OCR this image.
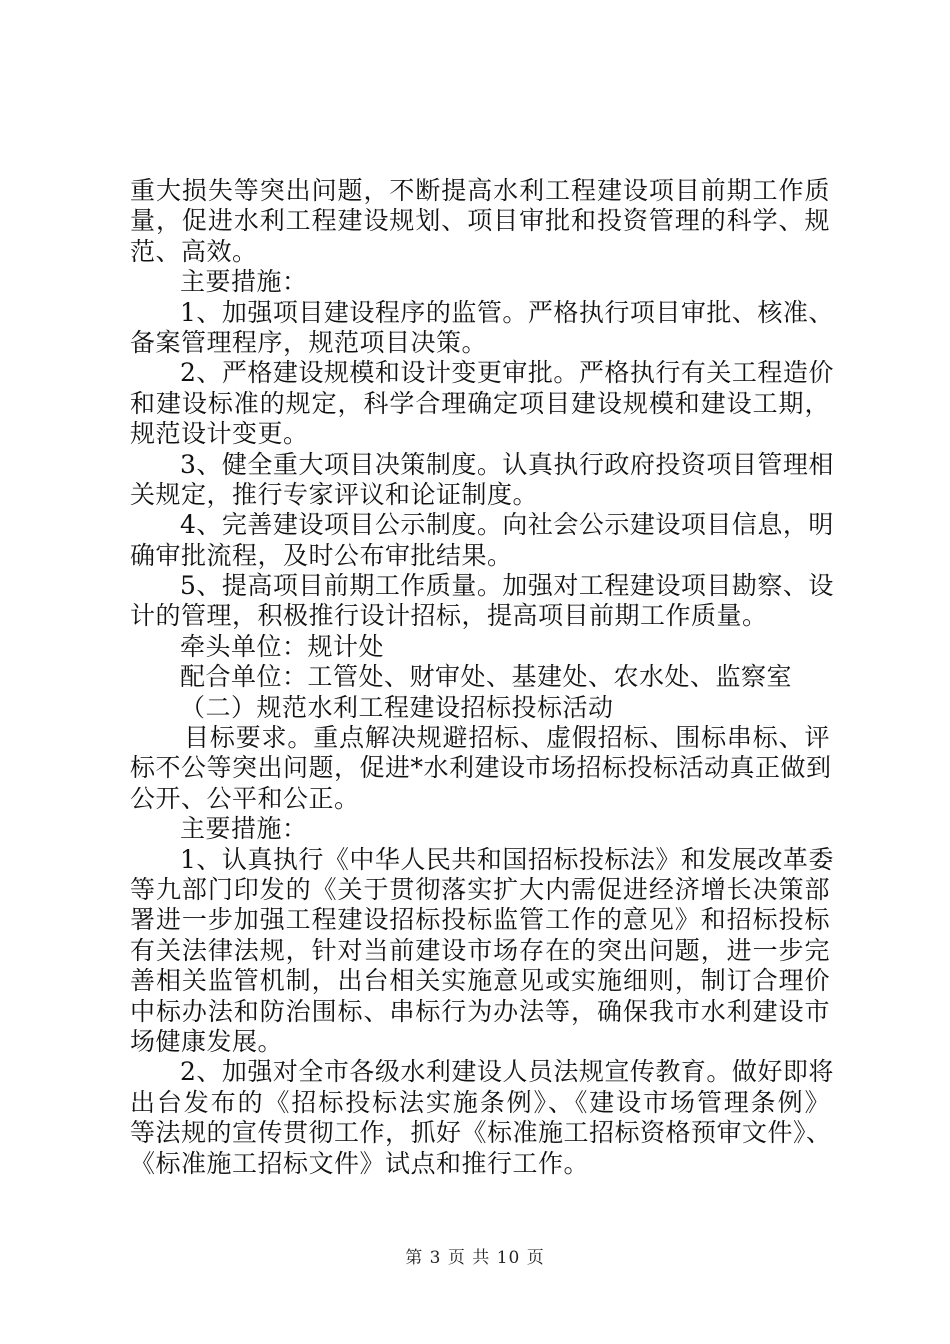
重大损失等突出问题，不断提高水利工程建设项目前期工作质
量，促进水利工程建设规划、项目审批和投资管理的科学、规
范、高效。
主要措施：
1、加强项目建设程序的监管。严格执行项目审批、核准、
备案管理程序，规范项目决策。
2、严格建设规模和设计变更审批。严格执行有关工程造价
和建设标准的规定，科学合理确定项目建设规模和建设工期，
规范设计变更。
3、健全重大项目决策制度。认真执行政府投资项目管理相
关规定，推行专家评议和论证制度。
4、完善建设项目公示制度。向社会公示建设项目信息，明
确审批流程，及时公布审批结果。
5、提高项目前期工作质量。加强对工程建设项目勘察、设
计的管理，积极推行设计招标，提高项目前期工作质量。
牵头单位：规计处
配合单位：工管处、财审处、基建处、农水处、监察室
（二）规范水利工程建设招标投标活动
目标要求。重点解决规避招标、虚假招标、围标串标、评
标不公等突出问题，促进*水利建设市场招标投标活动真正做到
公开、公平和公正。
主要措施：
1、认真执行《中华人民共和国招标投标法》和发展改革委
等九部门印发的《关于贯彻落实扩大内需促进经济增长决策部
署进一步加强工程建设招标投标监管工作的意见》和招标投标
有关法律法规，针对当前建设市场存在的突出问题，进一步完
善相关监管机制，出台相关实施意见或实施细则，制订合理价
中标办法和防治围标、串标行为办法等，确保我市水利建设市
场健康发展。
2、加强对全市各级水利建设人员法规宣传教育。做好即将
出台发布的《招标投标法实施条例》、《建设市场管理条例》
等法规的宣传贯彻工作，抓好《标准施工招标资格预审文件》、
《标准施工招标文件》试点和推行工作。
第 3 页 共 10 页
